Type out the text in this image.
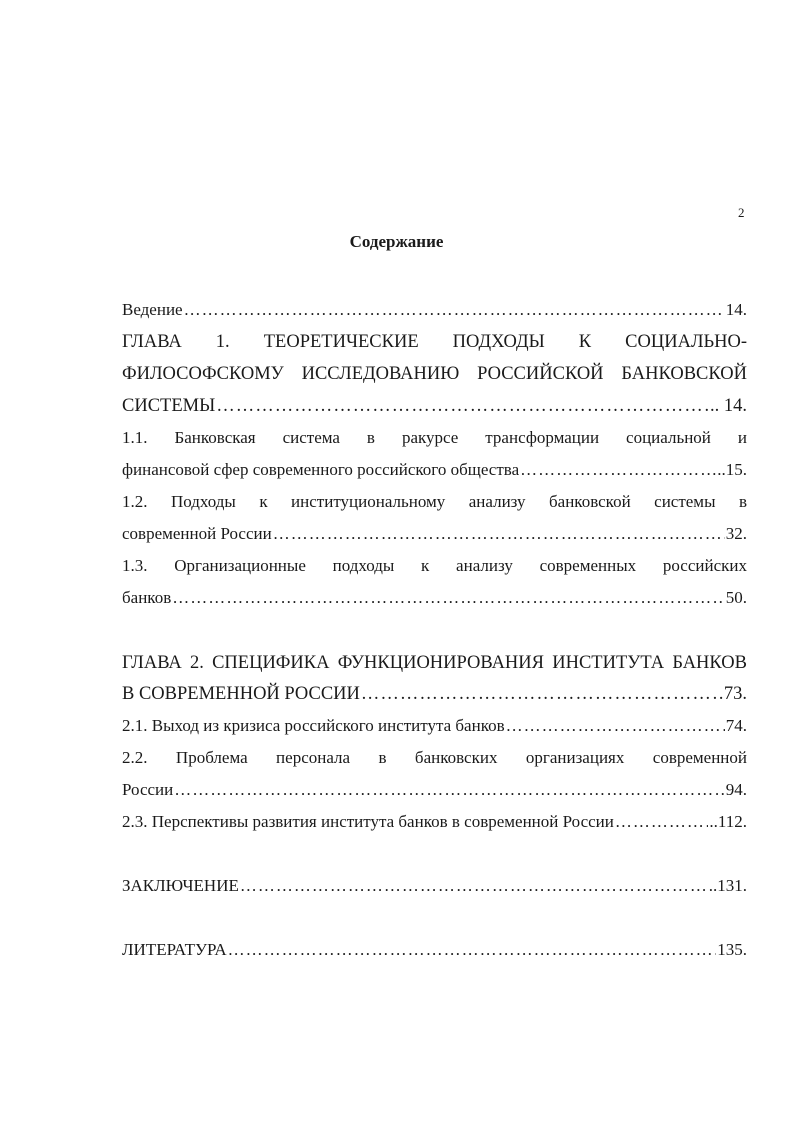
2
Содержание
Ведение …………………………………………………………………………………………………………………………………………………………………………	14.
ГЛАВА 1. ТЕОРЕТИЧЕСКИЕ ПОДХОДЫ К СОЦИАЛЬНО-
ФИЛОСОФСКОМУ ИССЛЕДОВАНИЮ РОССИЙСКОЙ БАНКОВСКОЙ
СИСТЕМЫ …………………………………………………………………………………………………………………………………………………………………………	.. 14.
1.1. Банковская система в ракурсе трансформации социальной и
финансовой сфер современного российского общества …………………………………………………………………………………………………………………………………………………………………………	..15.
1.2. Подходы к институциональному анализу банковской системы в
современной России …………………………………………………………………………………………………………………………………………………………………………	32.
1.3. Организационные подходы к анализу современных российских
банков …………………………………………………………………………………………………………………………………………………………………………	50.
ГЛАВА 2. СПЕЦИФИКА ФУНКЦИОНИРОВАНИЯ ИНСТИТУТА БАНКОВ
В СОВРЕМЕННОЙ РОССИИ …………………………………………………………………………………………………………………………………………………………………………	73.
2.1. Выход из кризиса российского института банков …………………………………………………………………………………………………………………………………………………………………………	74.
2.2. Проблема персонала в банковских организациях современной
России …………………………………………………………………………………………………………………………………………………………………………	94.
2.3. Перспективы развития института банков в современной России …………………………………………………………………………………………………………………………………………………………………………	..112.
ЗАКЛЮЧЕНИЕ …………………………………………………………………………………………………………………………………………………………………………	..131.
ЛИТЕРАТУРА …………………………………………………………………………………………………………………………………………………………………………	135.
